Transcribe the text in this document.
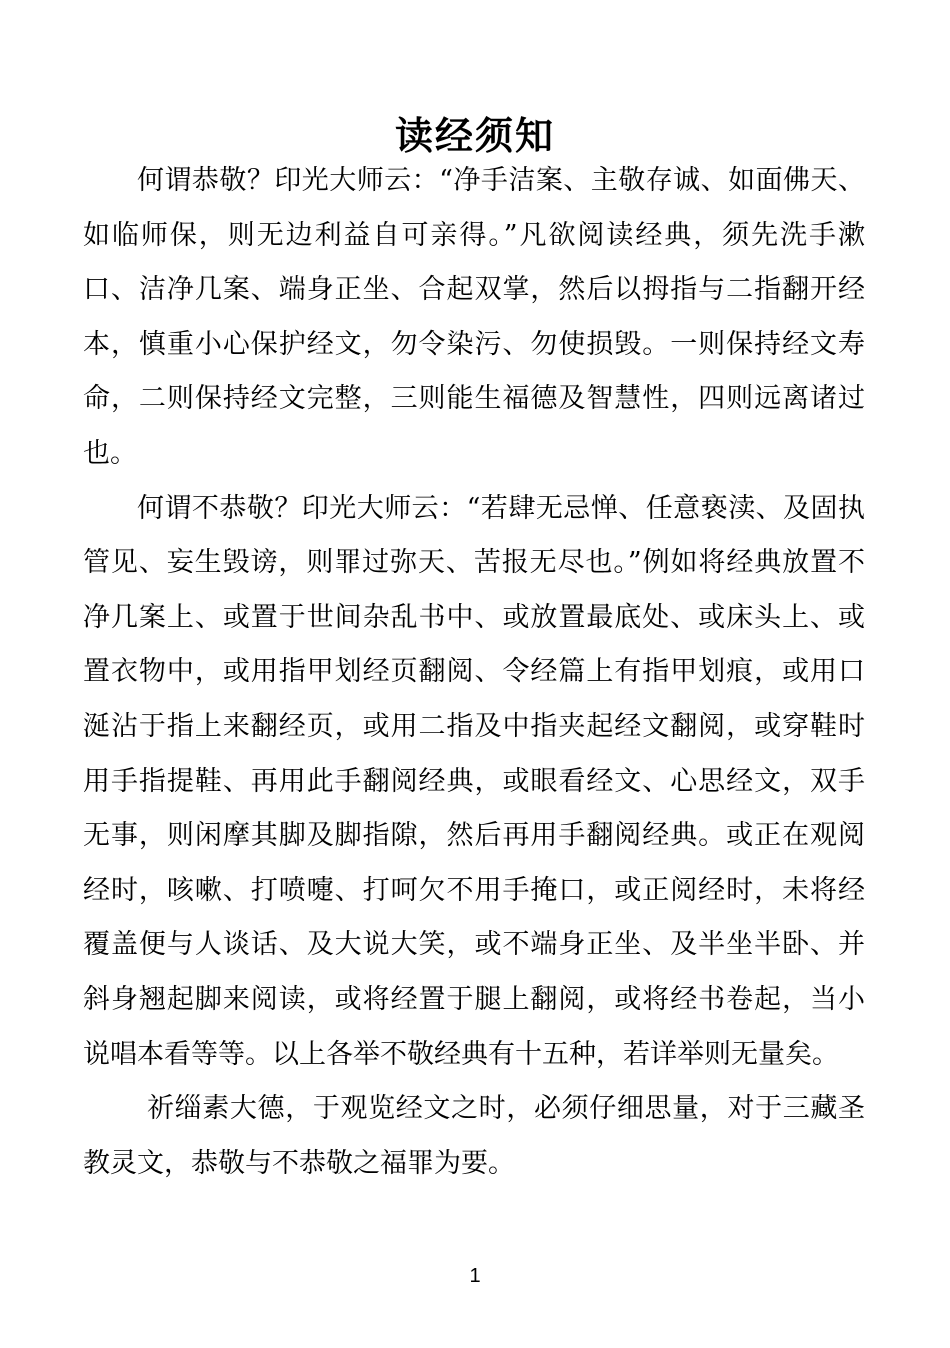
读经须知

何谓恭敬？印光大师云：“净手洁案、主敬存诚、如面佛天、如临师保，则无边利益自可亲得。”凡欲阅读经典，须先洗手漱口、洁净几案、端身正坐、合起双掌，然后以拇指与二指翻开经本，慎重小心保护经文，勿令染污、勿使损毁。一则保持经文寿命，二则保持经文完整，三则能生福德及智慧性，四则远离诸过也。

何谓不恭敬？印光大师云：“若肆无忌惮、任意亵渎、及固执管见、妄生毁谤，则罪过弥天、苦报无尽也。”例如将经典放置不净几案上、或置于世间杂乱书中、或放置最底处、或床头上、或置衣物中，或用指甲划经页翻阅、令经篇上有指甲划痕，或用口涎沾于指上来翻经页，或用二指及中指夹起经文翻阅，或穿鞋时用手指提鞋、再用此手翻阅经典，或眼看经文、心思经文，双手无事，则闲摩其脚及脚指隙，然后再用手翻阅经典。或正在观阅经时，咳嗽、打喷嚏、打呵欠不用手掩口，或正阅经时，未将经覆盖便与人谈话、及大说大笑，或不端身正坐、及半坐半卧、并斜身翘起脚来阅读，或将经置于腿上翻阅，或将经书卷起，当小说唱本看等等。以上各举不敬经典有十五种，若详举则无量矣。

祈缁素大德，于观览经文之时，必须仔细思量，对于三藏圣教灵文，恭敬与不恭敬之福罪为要。

1
